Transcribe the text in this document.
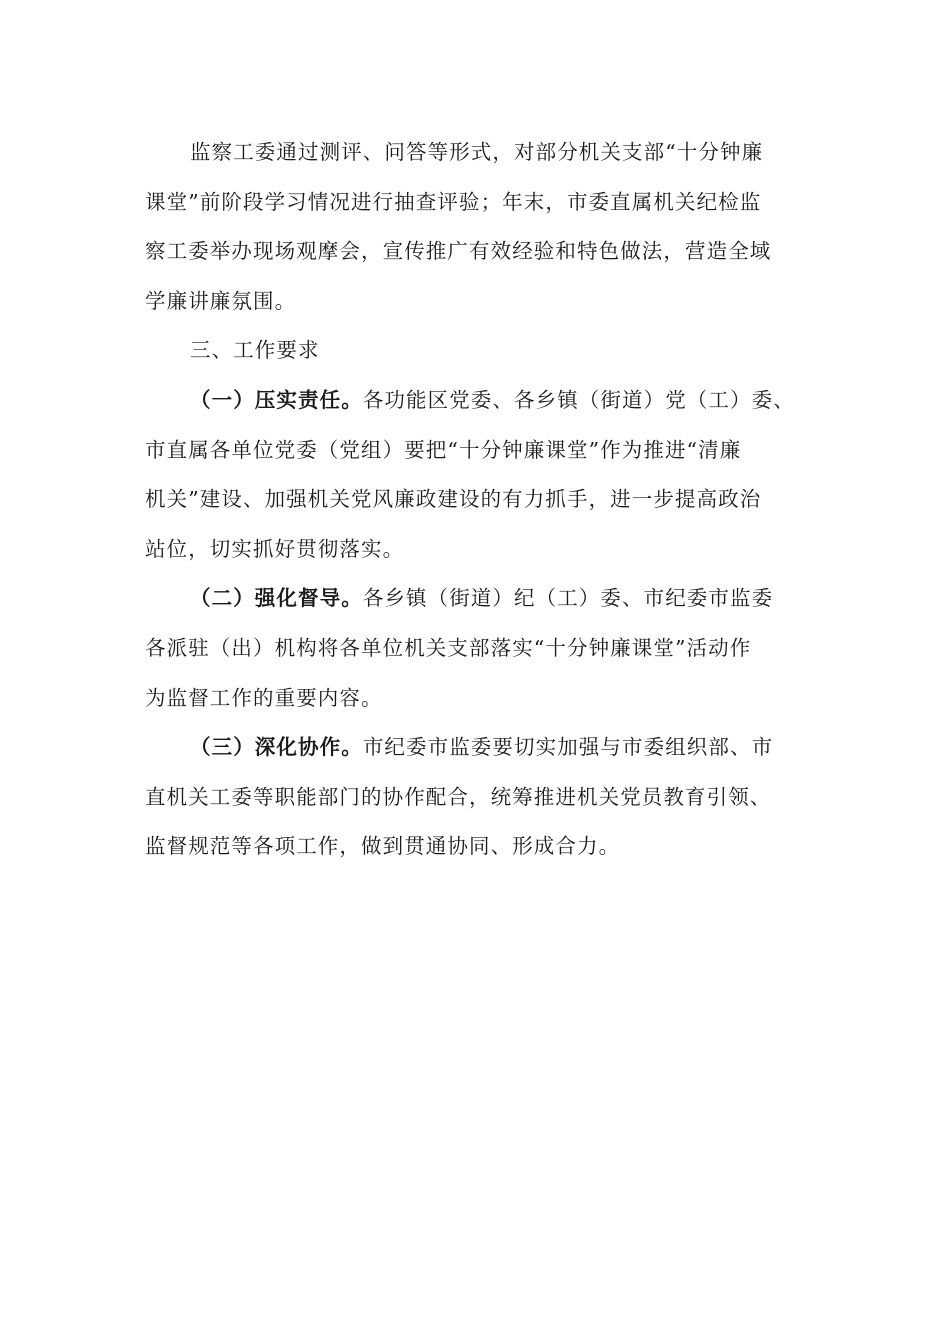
监察工委通过测评、问答等形式，对部分机关支部“十分钟廉
课堂”前阶段学习情况进行抽查评验；年末，市委直属机关纪检监
察工委举办现场观摩会，宣传推广有效经验和特色做法，营造全域
学廉讲廉氛围。
三、工作要求
（一）压实责任。各功能区党委、各乡镇（街道）党（工）委、
市直属各单位党委（党组）要把“十分钟廉课堂”作为推进“清廉
机关”建设、加强机关党风廉政建设的有力抓手，进一步提高政治
站位，切实抓好贯彻落实。
（二）强化督导。各乡镇（街道）纪（工）委、市纪委市监委
各派驻（出）机构将各单位机关支部落实“十分钟廉课堂”活动作
为监督工作的重要内容。
（三）深化协作。市纪委市监委要切实加强与市委组织部、市
直机关工委等职能部门的协作配合，统筹推进机关党员教育引领、
监督规范等各项工作，做到贯通协同、形成合力。
